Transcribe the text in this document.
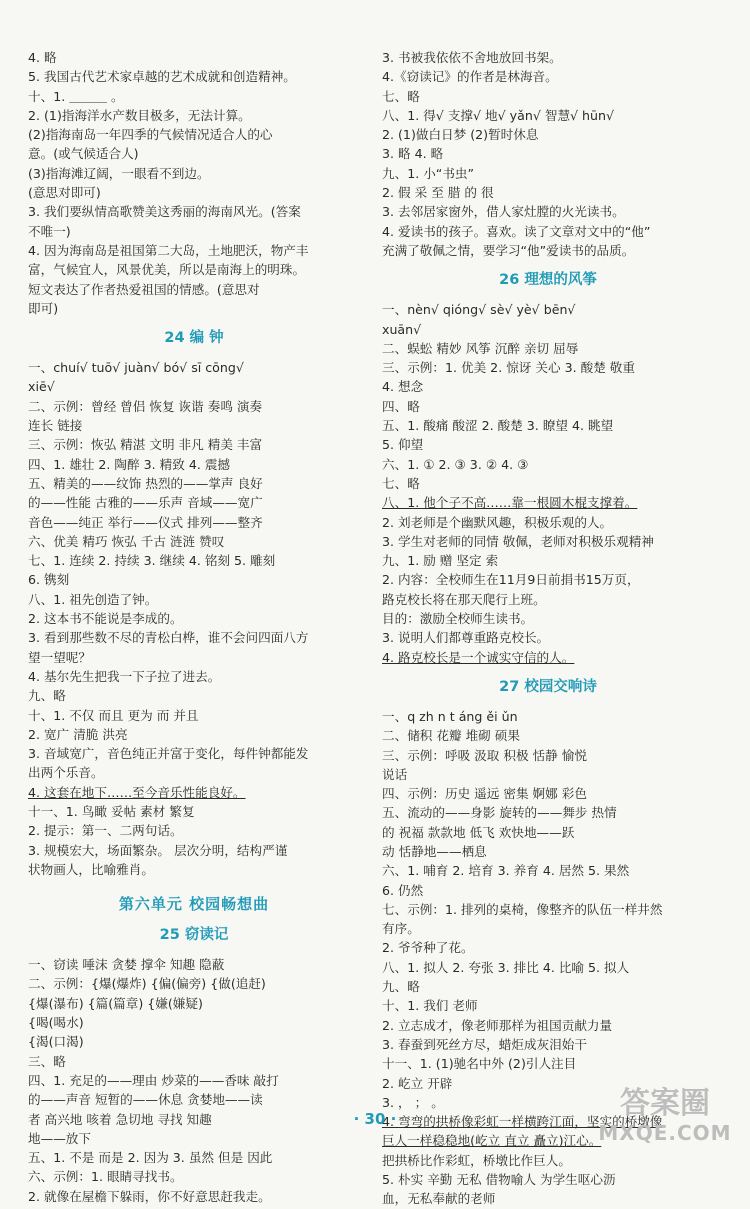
4. 略
5. 我国古代艺术家卓越的艺术成就和创造精神。
十、1. ＿＿＿ 。
2. (1)指海洋水产数目极多，无法计算。
(2)指海南岛一年四季的气候情况适合人的心
意。(或气候适合人)
(3)指海滩辽阔，一眼看不到边。
(意思对即可)
3. 我们要纵情高歌赞美这秀丽的海南风光。(答案
不唯一)
4. 因为海南岛是祖国第二大岛，土地肥沃，物产丰
富，气候宜人，风景优美，所以是南海上的明珠。
短文表达了作者热爱祖国的情感。(意思对
即可)
24 编 钟
一、chuí√ tuō√ juàn√ bó√ sī cōng√
xiē√
二、示例：曾经 曾侣 恢复 诙谐 奏鸣 演奏
连长 链接
三、示例：恢弘 精湛 文明 非凡 精美 丰富
四、1. 雄壮 2. 陶醉 3. 精致 4. 震撼
五、精美的——纹饰 热烈的——掌声 良好
的——性能 古雅的——乐声 音域——宽广
音色——纯正 举行——仪式 排列——整齐
六、优美 精巧 恢弘 千古 涟涟 赞叹
七、1. 连续 2. 持续 3. 继续 4. 铭刻 5. 雕刻
6. 镌刻
八、1. 祖先创造了钟。
2. 这本书不能说是李成的。
3. 看到那些数不尽的青松白桦，谁不会问四面八方
望一望呢？
4. 基尔先生把我一下子拉了进去。
九、略
十、1. 不仅 而且 更为 而 并且
2. 宽广 清脆 洪亮
3. 音域宽广，音色纯正并富于变化，每件钟都能发
出两个乐音。
4. 这套在地下……至今音乐性能良好。
十一、1. 鸟瞰 妥帖 素材 繁复
2. 提示：第一、二两句话。
3. 规模宏大，场面繁杂。 层次分明，结构严谨
状物画人，比喻雅肖。
第六单元 校园畅想曲
25 窃读记
一、窃读 唾沫 贪婪 撑伞 知趣 隐蔽
二、示例：{爆(爆炸) {偏(偏旁) {做(追赶)
{爆(瀑布) {篇(篇章) {嫌(嫌疑)
{喝(喝水)
{渴(口渴)
三、略
四、1. 充足的——理由 炒菜的——香味 敲打
的——声音 短暂的——休息 贪婪地——读
者 高兴地 咳着 急切地 寻找 知趣
地——放下
五、1. 不是 而是 2. 因为 3. 虽然 但是 因此
六、示例：1. 眼睛寻找书。
2. 就像在屋檐下躲雨，你不好意思赶我走。
3. 书被我依依不舍地放回书架。
4.《窃读记》的作者是林海音。
七、略
八、1. 得√ 支撑√ 地√ yǎn√ 智慧√ hūn√
2. (1)做白日梦 (2)暂时休息
3. 略 4. 略
九、1. 小“书虫”
2. 假 采 至 腊 的 很
3. 去邻居家窗外，借人家灶膛的火光读书。
4. 爱读书的孩子。喜欢。读了文章对文中的“他”
充满了敬佩之情，要学习“他”爱读书的品质。
26 理想的风筝
一、nèn√ qióng√ sè√ yè√ bēn√
xuān√
二、蜈蚣 精妙 风筝 沉醉 亲切 屈辱
三、示例：1. 优美 2. 惊讶 关心 3. 酸楚 敬重
4. 想念
四、略
五、1. 酸痛 酸涩 2. 酸楚 3. 瞭望 4. 眺望
5. 仰望
六、1. ① 2. ③ 3. ② 4. ③
七、略
八、1. 他个子不高……靠一根圆木棍支撑着。
2. 刘老师是个幽默风趣，积极乐观的人。
3. 学生对老师的同情 敬佩，老师对积极乐观精神
九、1. 励 赠 坚定 索
2. 内容：全校师生在11月9日前捐书15万页，
路克校长将在那天爬行上班。
目的：激励全校师生读书。
3. 说明人们都尊重路克校长。
4. 路克校长是一个诚实守信的人。
27 校园交响诗
一、q zh n t áng ěi ǔn
二、储积 花瓣 堆砌 硕果
三、示例：呼吸 汲取 积极 恬静 愉悦
说话
四、示例：历史 遥远 密集 婀娜 彩色
五、流动的——身影 旋转的——舞步 热情
的 祝福 款款地 低飞 欢快地——跃
动 恬静地——栖息
六、1. 哺育 2. 培育 3. 养育 4. 居然 5. 果然
6. 仍然
七、示例：1. 排列的桌椅，像整齐的队伍一样井然
有序。
2. 爷爷种了花。
八、1. 拟人 2. 夸张 3. 排比 4. 比喻 5. 拟人
九、略
十、1. 我们 老师
2. 立志成才，像老师那样为祖国贡献力量
3. 春蚕到死丝方尽，蜡炬成灰泪始干
十一、1. (1)驰名中外 (2)引人注目
2. 屹立 开辟
3. ， ； 。
4. 弯弯的拱桥像彩虹一样横跨江面，坚实的桥墩像
巨人一样稳稳地(屹立 直立 矗立)江心。
把拱桥比作彩虹，桥墩比作巨人。
5. 朴实 辛勤 无私 借物喻人 为学生呕心沥
血，无私奉献的老师
· 30 ·	答案圈
MXQE.COM
